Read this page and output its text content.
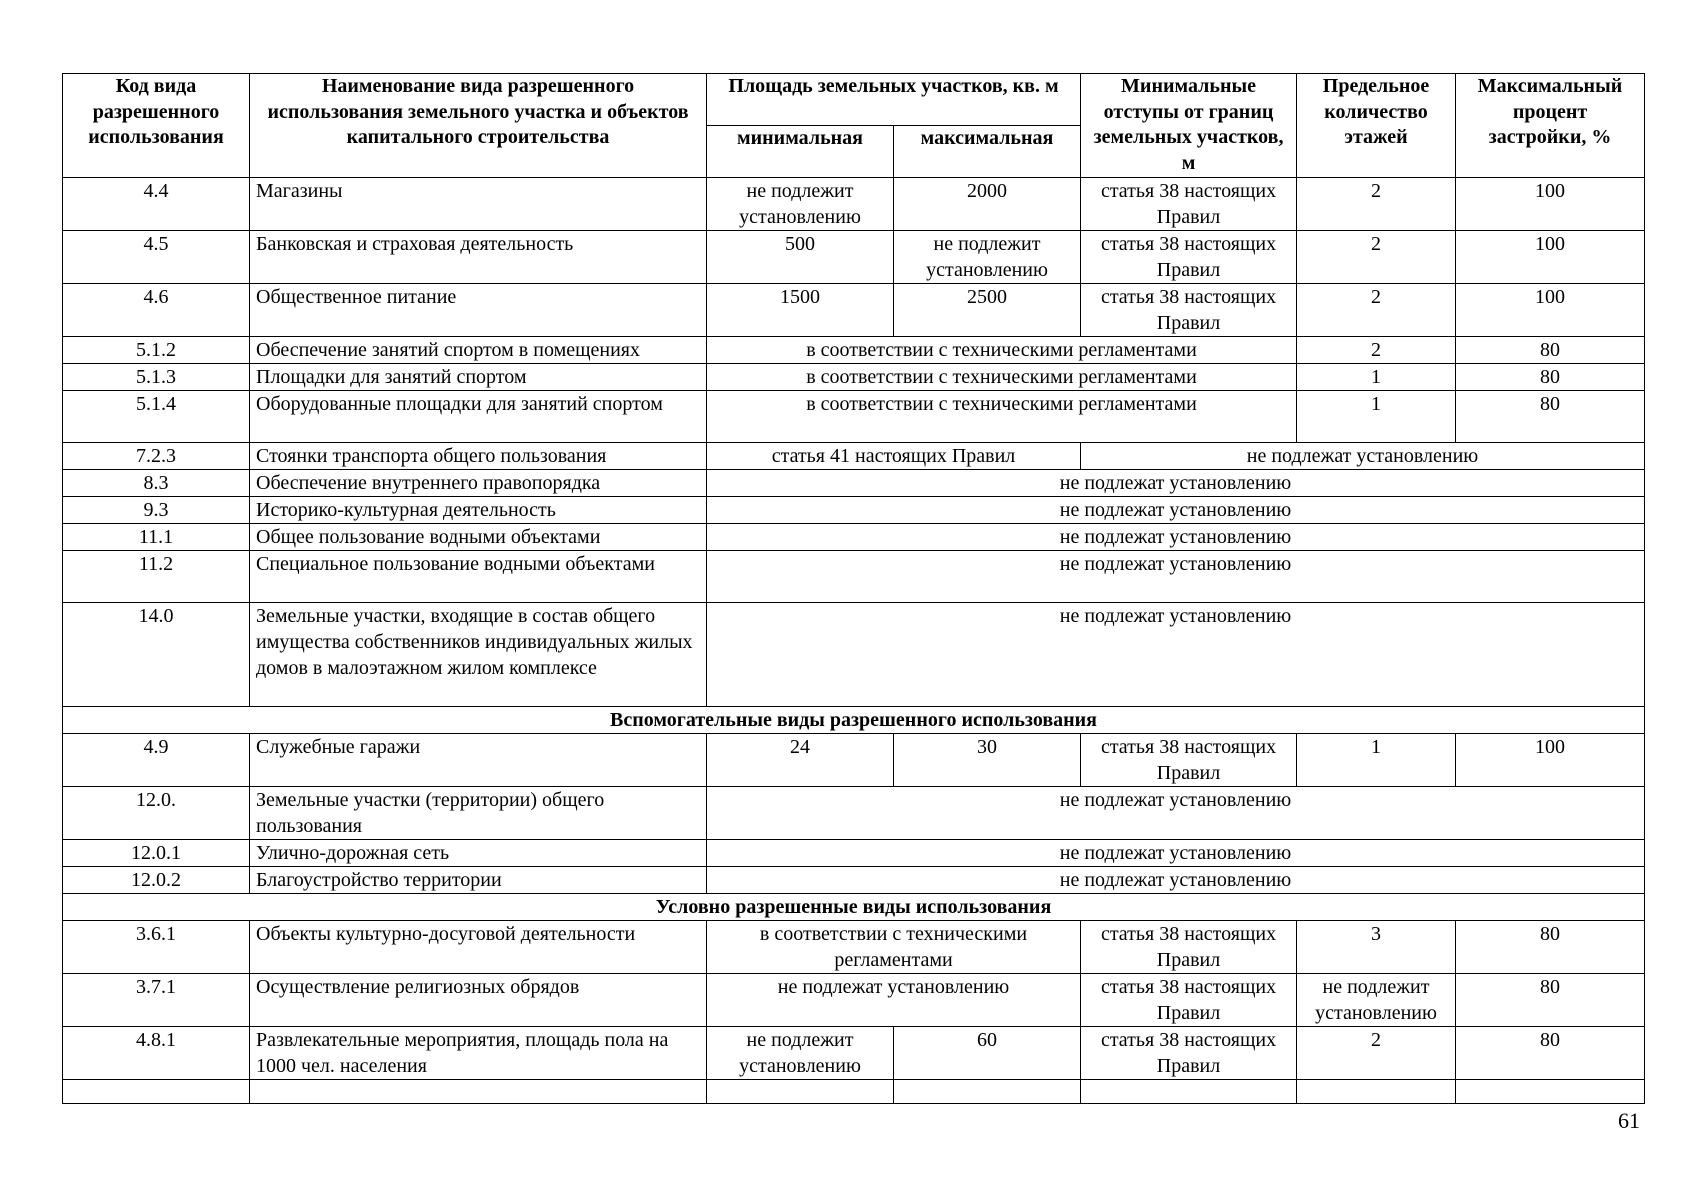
Код вида разрешенного использования	Наименование вида разрешенного использования земельного участка и объектов капитального строительства	Площадь земельных участков, кв. м		Минимальные отступы от границ земельных участков, м	Предельное количество этажей	Максимальный процент застройки, %
		минимальная	максимальная			
4.4	Магазины	не подлежит установлению	2000	статья 38 настоящих Правил	2	100
4.5	Банковская и страховая деятельность	500	не подлежит установлению	статья 38 настоящих Правил	2	100
4.6	Общественное питание	1500	2500	статья 38 настоящих Правил	2	100
5.1.2	Обеспечение занятий спортом в помещениях	в соответствии с техническими регламентами			2	80
5.1.3	Площадки для занятий спортом	в соответствии с техническими регламентами			1	80
5.1.4	Оборудованные площадки для занятий спортом	в соответствии с техническими регламентами			1	80
7.2.3	Стоянки транспорта общего пользования	статья 41 настоящих Правил		не подлежат установлению		
8.3	Обеспечение внутреннего правопорядка	не подлежат установлению				
9.3	Историко-культурная деятельность	не подлежат установлению				
11.1	Общее пользование водными объектами	не подлежат установлению				
11.2	Специальное пользование водными объектами	не подлежат установлению				
14.0	Земельные участки, входящие в состав общего имущества собственников индивидуальных жилых домов в малоэтажном жилом комплексе	не подлежат установлению				
Вспомогательные виды разрешенного использования						
4.9	Служебные гаражи	24	30	статья 38 настоящих Правил	1	100
12.0.	Земельные участки (территории) общего пользования	не подлежат установлению				
12.0.1	Улично-дорожная сеть	не подлежат установлению				
12.0.2	Благоустройство территории	не подлежат установлению				
Условно разрешенные виды использования						
3.6.1	Объекты культурно-досуговой деятельности	в соответствии с техническими регламентами		статья 38 настоящих Правил	3	80
3.7.1	Осуществление религиозных обрядов	не подлежат установлению		статья 38 настоящих Правил	не подлежит установлению	80
4.8.1	Развлекательные мероприятия, площадь пола на 1000 чел. населения	не подлежит установлению	60	статья 38 настоящих Правил	2	80

61
